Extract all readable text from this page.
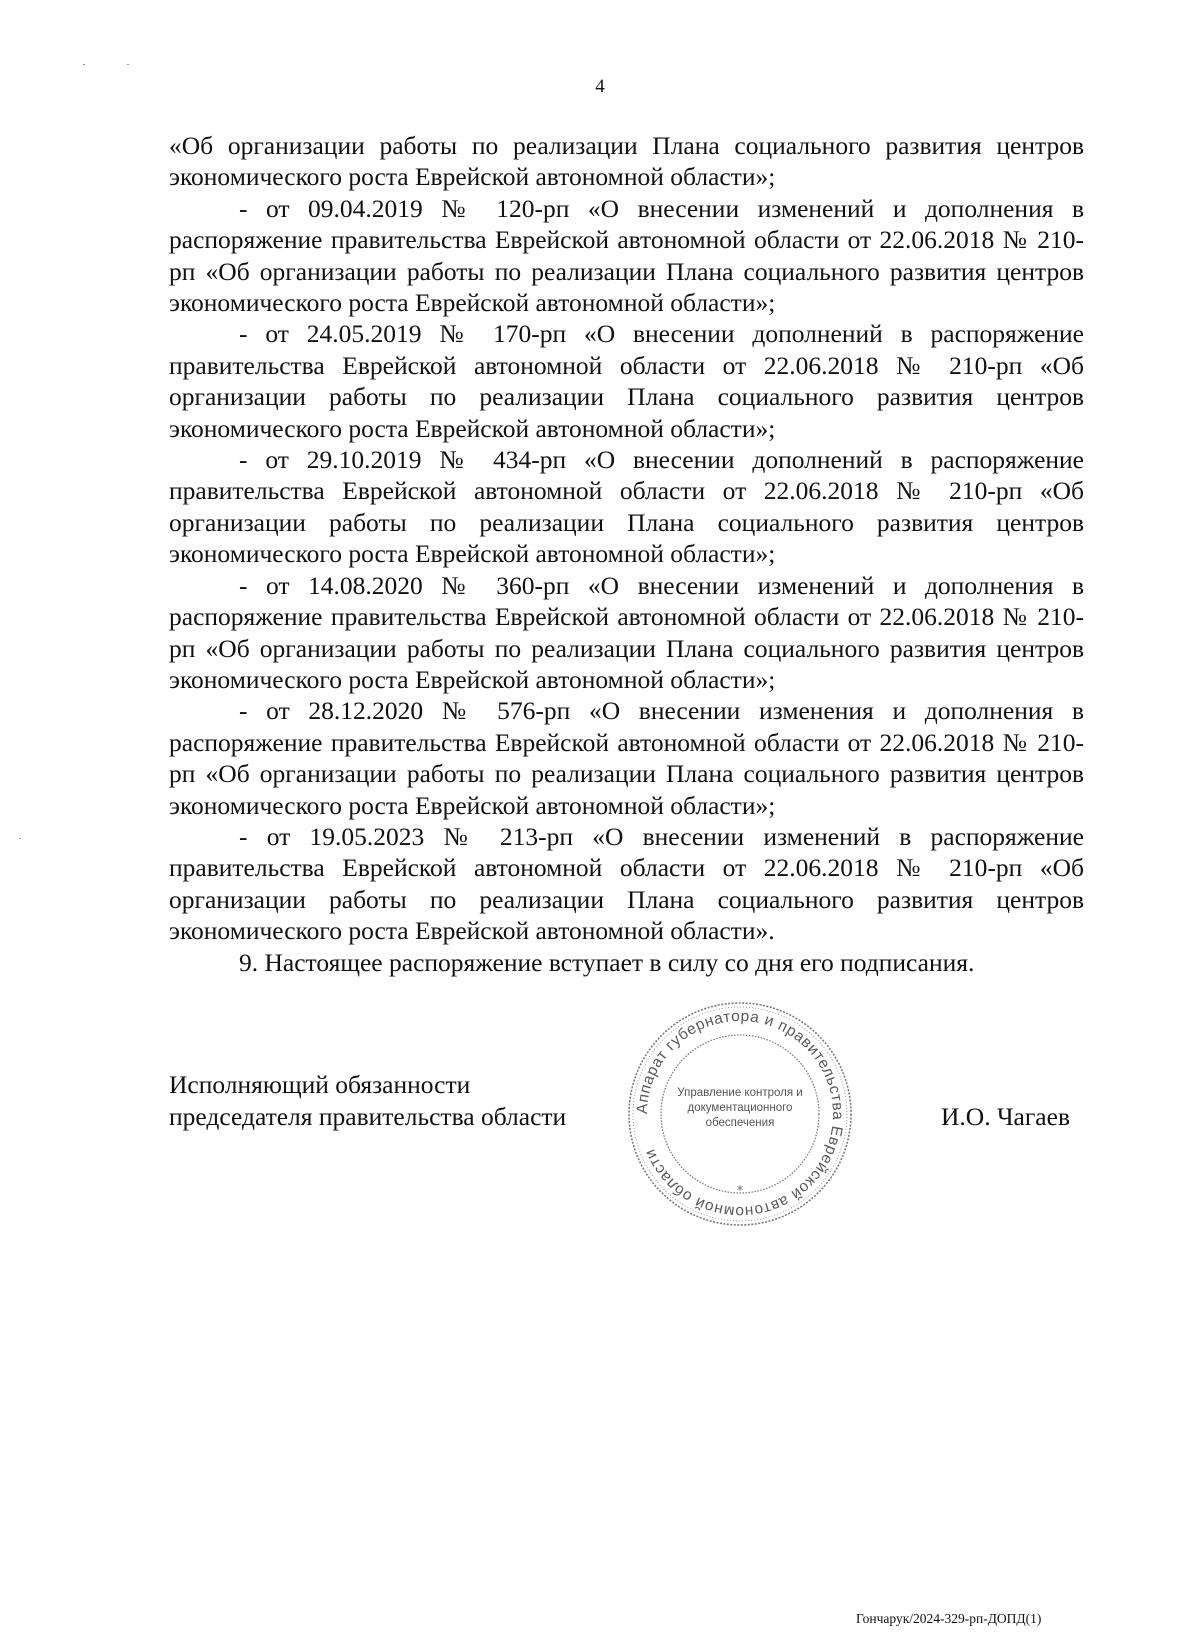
4

«Об организации работы по реализации Плана социального развития центров экономического роста Еврейской автономной области»;

- от 09.04.2019 № 120-рп «О внесении изменений и дополнения в распоряжение правительства Еврейской автономной области от 22.06.2018 № 210-рп «Об организации работы по реализации Плана социального развития центров экономического роста Еврейской автономной области»;

- от 24.05.2019 № 170-рп «О внесении дополнений в распоряжение правительства Еврейской автономной области от 22.06.2018 № 210-рп «Об организации работы по реализации Плана социального развития центров экономического роста Еврейской автономной области»;

- от 29.10.2019 № 434-рп «О внесении дополнений в распоряжение правительства Еврейской автономной области от 22.06.2018 № 210-рп «Об организации работы по реализации Плана социального развития центров экономического роста Еврейской автономной области»;

- от 14.08.2020 № 360-рп «О внесении изменений и дополнения в распоряжение правительства Еврейской автономной области от 22.06.2018 № 210-рп «Об организации работы по реализации Плана социального развития центров экономического роста Еврейской автономной области»;

- от 28.12.2020 № 576-рп «О внесении изменения и дополнения в распоряжение правительства Еврейской автономной области от 22.06.2018 № 210-рп «Об организации работы по реализации Плана социального развития центров экономического роста Еврейской автономной области»;

- от 19.05.2023 № 213-рп «О внесении изменений в распоряжение правительства Еврейской автономной области от 22.06.2018 № 210-рп «Об организации работы по реализации Плана социального развития центров экономического роста Еврейской автономной области».

9. Настоящее распоряжение вступает в силу со дня его подписания.

Исполняющий обязанности
председателя правительства области	И.О. Чагаев
Аппарат губернатора и правительства Еврейской автономной области
Управление контроля и
документационного
обеспечения
*
Гончарук/2024-329-рп-ДОПД(1)
